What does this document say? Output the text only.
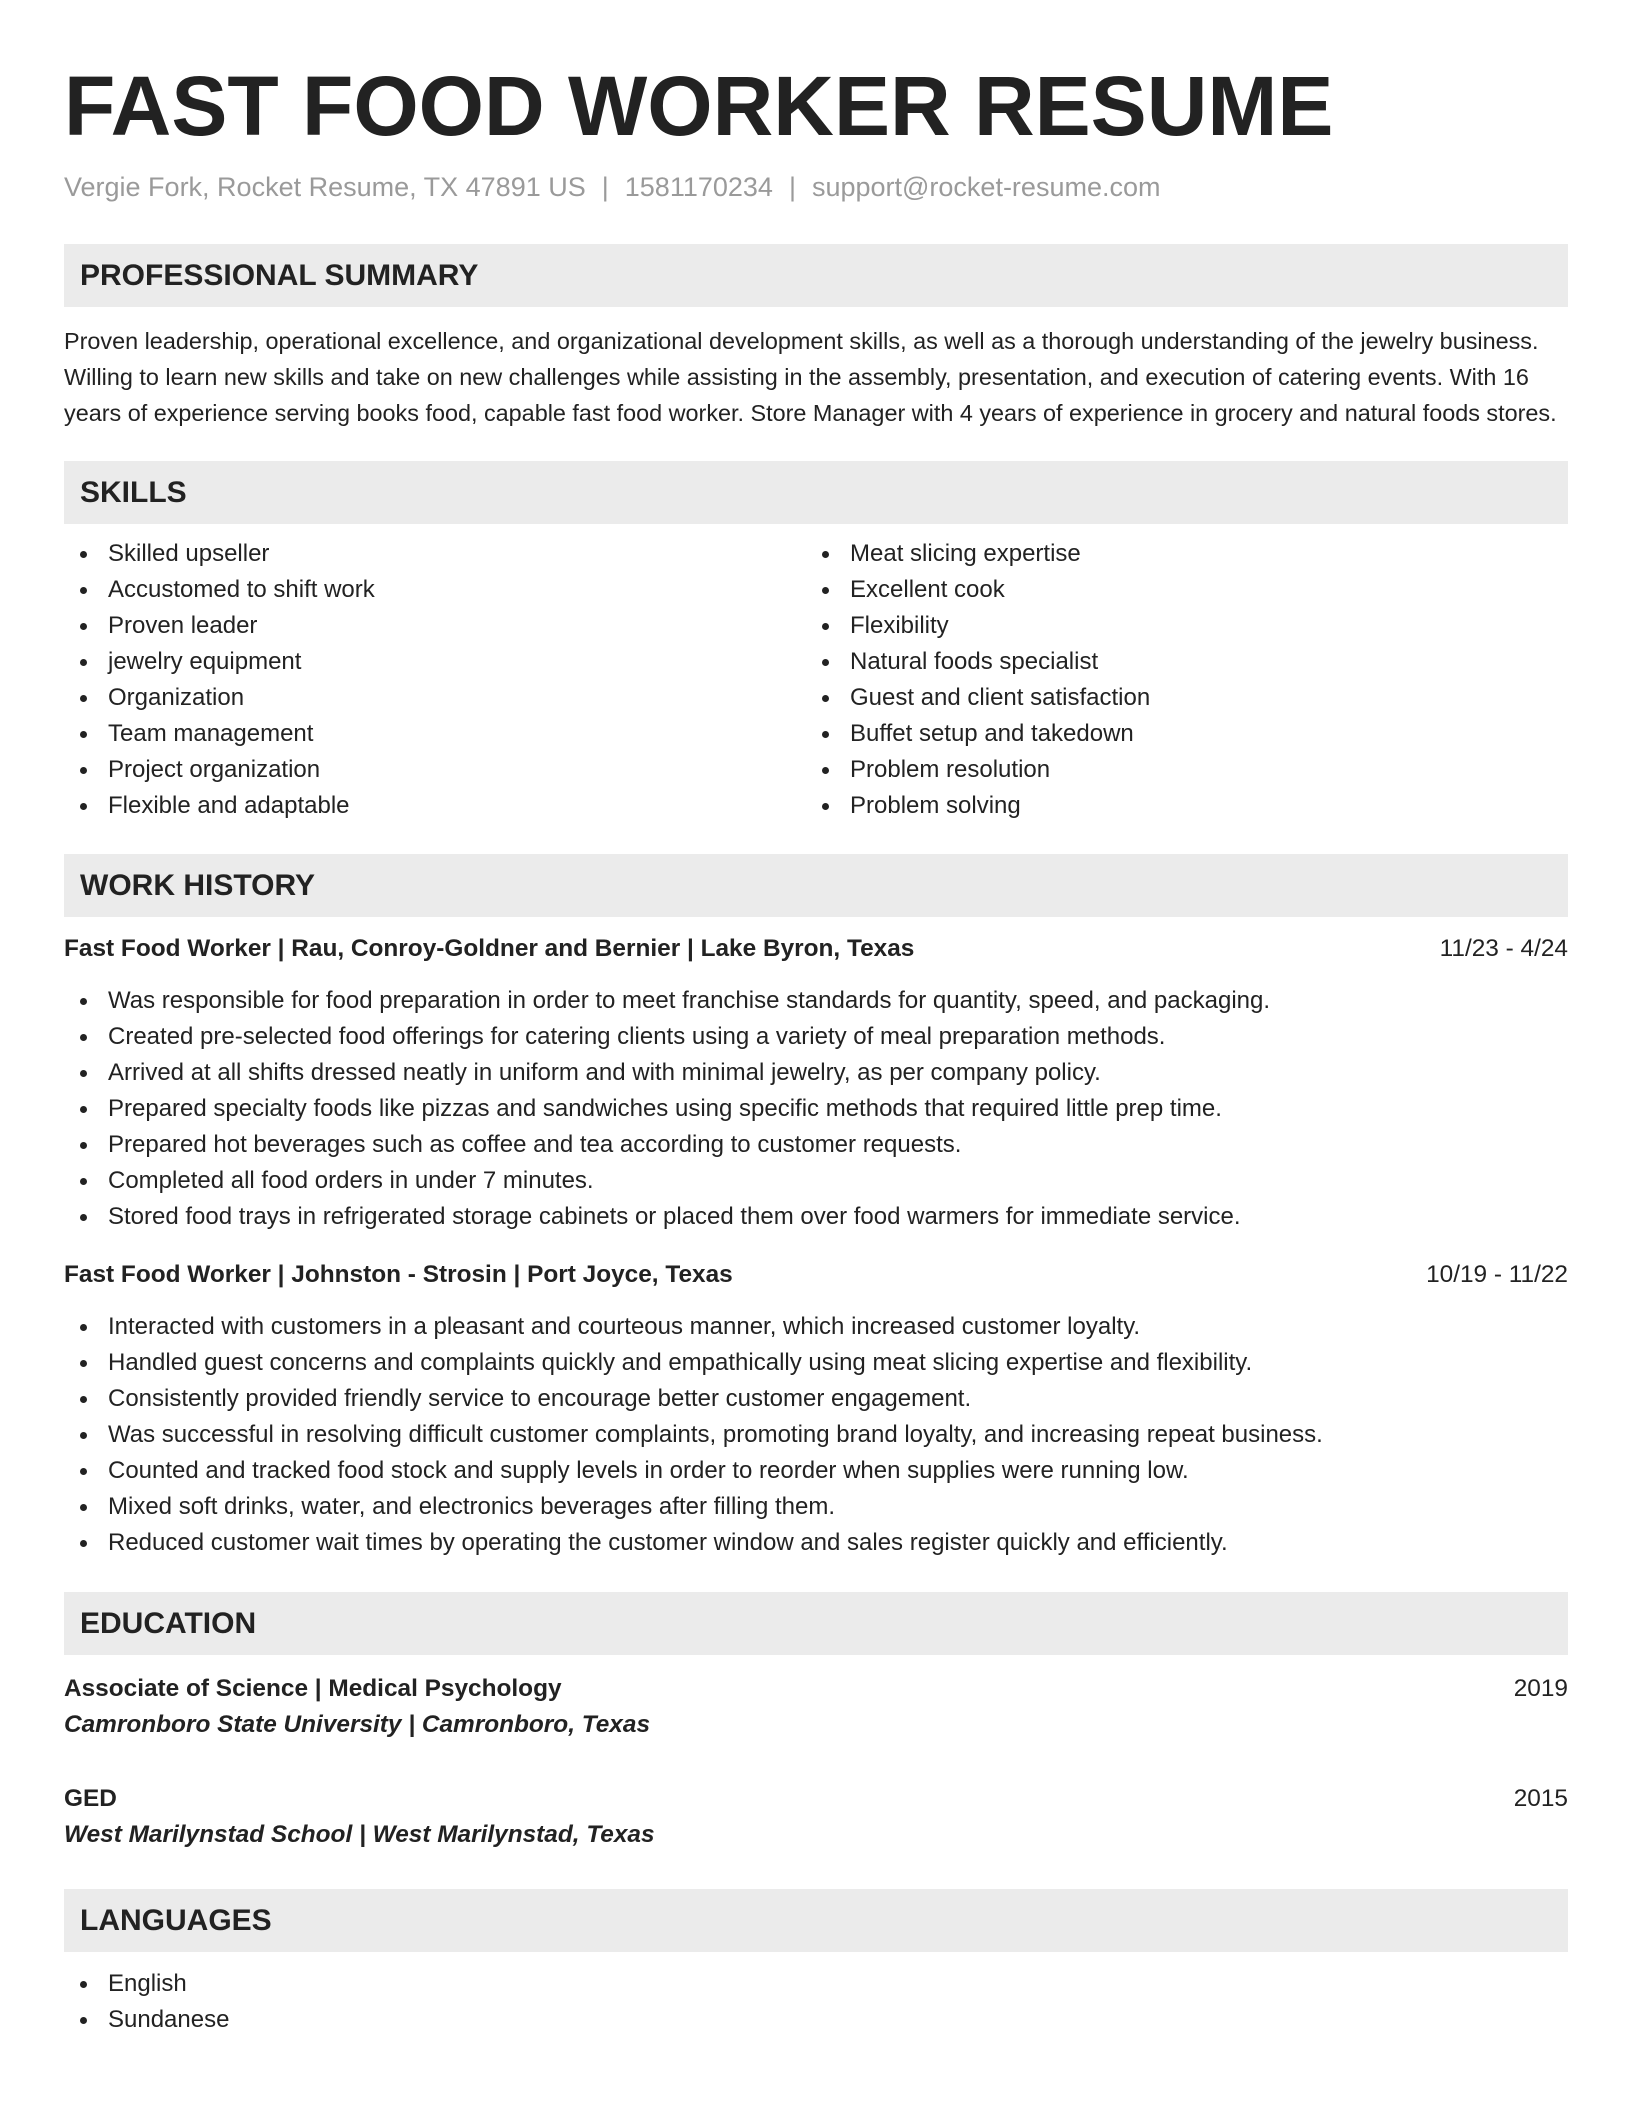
FAST FOOD WORKER RESUME
Vergie Fork, Rocket Resume, TX 47891 US | 1581170234 | support@rocket-resume.com
PROFESSIONAL SUMMARY
Proven leadership, operational excellence, and organizational development skills, as well as a thorough understanding of the jewelry business. Willing to learn new skills and take on new challenges while assisting in the assembly, presentation, and execution of catering events. With 16 years of experience serving books food, capable fast food worker. Store Manager with 4 years of experience in grocery and natural foods stores.
SKILLS
Skilled upseller
Accustomed to shift work
Proven leader
jewelry equipment
Organization
Team management
Project organization
Flexible and adaptable
Meat slicing expertise
Excellent cook
Flexibility
Natural foods specialist
Guest and client satisfaction
Buffet setup and takedown
Problem resolution
Problem solving
WORK HISTORY
Fast Food Worker | Rau, Conroy-Goldner and Bernier | Lake Byron, Texas	11/23 - 4/24
Was responsible for food preparation in order to meet franchise standards for quantity, speed, and packaging.
Created pre-selected food offerings for catering clients using a variety of meal preparation methods.
Arrived at all shifts dressed neatly in uniform and with minimal jewelry, as per company policy.
Prepared specialty foods like pizzas and sandwiches using specific methods that required little prep time.
Prepared hot beverages such as coffee and tea according to customer requests.
Completed all food orders in under 7 minutes.
Stored food trays in refrigerated storage cabinets or placed them over food warmers for immediate service.
Fast Food Worker | Johnston - Strosin | Port Joyce, Texas	10/19 - 11/22
Interacted with customers in a pleasant and courteous manner, which increased customer loyalty.
Handled guest concerns and complaints quickly and empathically using meat slicing expertise and flexibility.
Consistently provided friendly service to encourage better customer engagement.
Was successful in resolving difficult customer complaints, promoting brand loyalty, and increasing repeat business.
Counted and tracked food stock and supply levels in order to reorder when supplies were running low.
Mixed soft drinks, water, and electronics beverages after filling them.
Reduced customer wait times by operating the customer window and sales register quickly and efficiently.
EDUCATION
Associate of Science | Medical Psychology	2019
Camronboro State University | Camronboro, Texas
GED	2015
West Marilynstad School | West Marilynstad, Texas
LANGUAGES
English
Sundanese
